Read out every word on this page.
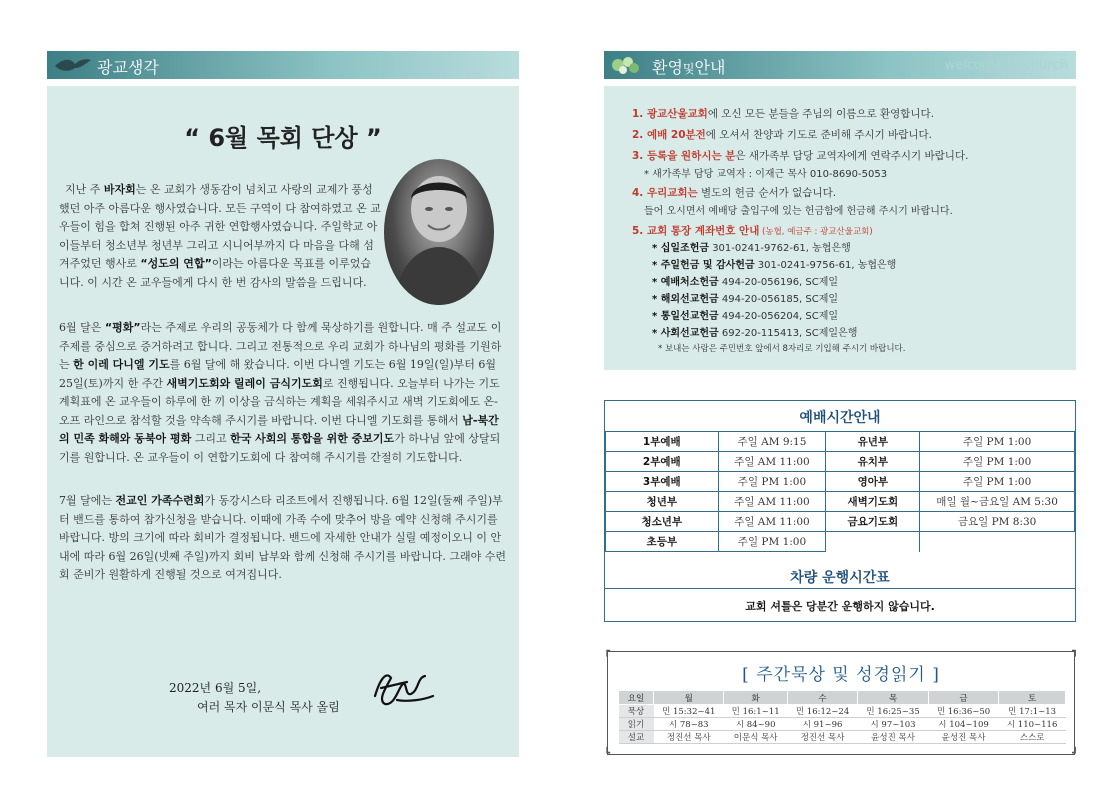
광교생각
“ 6월 목회 단상 ”
지난 주 바자회는 온 교회가 생동감이 넘치고 사랑의 교제가 풍성했던 아주 아름다운 행사였습니다. 모든 구역이 다 참여하였고 온 교우들이 힘을 합쳐 진행된 아주 귀한 연합행사였습니다. 주일학교 아이들부터 청소년부 청년부 그리고 시니어부까지 다 마음을 다해 섬겨주었던 행사로 “성도의 연합”이라는 아름다운 목표를 이루었습니다. 이 시간 온 교우들에게 다시 한 번 감사의 말씀을 드립니다.
6월 달은 “평화”라는 주제로 우리의 공동체가 다 함께 묵상하기를 원합니다. 매 주 설교도 이 주제를 중심으로 증거하려고 합니다. 그리고 전통적으로 우리 교회가 하나님의 평화를 기원하는 한 이레 다니엘 기도를 6월 달에 해 왔습니다. 이번 다니엘 기도는 6월 19일(일)부터 6월 25일(토)까지 한 주간 새벽기도회와 릴레이 금식기도회로 진행됩니다. 오늘부터 나가는 기도 계획표에 온 교우들이 하루에 한 끼 이상을 금식하는 계획을 세워주시고 새벽 기도회에도 온-오프 라인으로 참석할 것을 약속해 주시기를 바랍니다. 이번 다니엘 기도회를 통해서 남-북간의 민족 화해와 동북아 평화 그리고 한국 사회의 통합을 위한 중보기도가 하나님 앞에 상달되기를 원합니다. 온 교우들이 이 연합기도회에 다 참여해 주시기를 간절히 기도합니다.
7월 달에는 전교인 가족수련회가 동강시스타 리조트에서 진행됩니다. 6월 12일(둘째 주일)부터 밴드를 통하여 참가신청을 받습니다. 이때에 가족 수에 맞추어 방을 예약 신청해 주시기를 바랍니다. 방의 크기에 따라 회비가 결정됩니다. 밴드에 자세한 안내가 실릴 예정이오니 이 안내에 따라 6월 26일(넷째 주일)까지 회비 납부와 함께 신청해 주시기를 바랍니다. 그래야 수련회 준비가 원활하게 진행될 것으로 여겨집니다.
2022년 6월 5일,
여러 목자 이문식 목사 올림
환영및안내	welcome to church
1. 광교산울교회에 오신 모든 분들을 주님의 이름으로 환영합니다.
2. 예배 20분전에 오셔서 찬양과 기도로 준비해 주시기 바랍니다.
3. 등록을 원하시는 분은 새가족부 담당 교역자에게 연락주시기 바랍니다.
* 새가족부 담당 교역자 : 이재근 목사 010-8690-5053
4. 우리교회는 별도의 헌금 순서가 없습니다.
들어 오시면서 예배당 출입구에 있는 헌금함에 헌금해 주시기 바랍니다.
5. 교회 통장 계좌번호 안내 (농협, 예금주 : 광교산울교회)
* 십일조헌금 301-0241-9762-61, 농협은행
* 주일헌금 및 감사헌금 301-0241-9756-61, 농협은행
* 예배처소헌금 494-20-056196, SC제일
* 해외선교헌금 494-20-056185, SC제일
* 통일선교헌금 494-20-056204, SC제일
* 사회선교헌금 692-20-115413, SC제일은행
* 보내는 사람은 주민번호 앞에서 8자리로 기입해 주시기 바랍니다.
예배시간안내
1부예배	주일 AM 9:15	유년부	주일 PM 1:00
2부예배	주일 AM 11:00	유치부	주일 PM 1:00
3부예배	주일 PM 1:00	영아부	주일 PM 1:00
청년부	주일 AM 11:00	새벽기도회	매일 월~금요일 AM 5:30
청소년부	주일 AM 11:00	금요기도회	금요일 PM 8:30
초등부	주일 PM 1:00		
차량 운행시간표
교회 셔틀은 당분간 운행하지 않습니다.
┏	┓
┗	┛
[ 주간묵상 및 성경읽기 ]
요일	월	화	수	목	금	토
묵상	민 15:32~41	민 16:1~11	민 16:12~24	민 16:25~35	민 16:36~50	민 17:1~13
읽기	시 78~83	시 84~90	시 91~96	시 97~103	시 104~109	시 110~116
설교	정진선 목사	이문식 목사	정진선 목사	윤성진 목사	윤성진 목사	스스로
